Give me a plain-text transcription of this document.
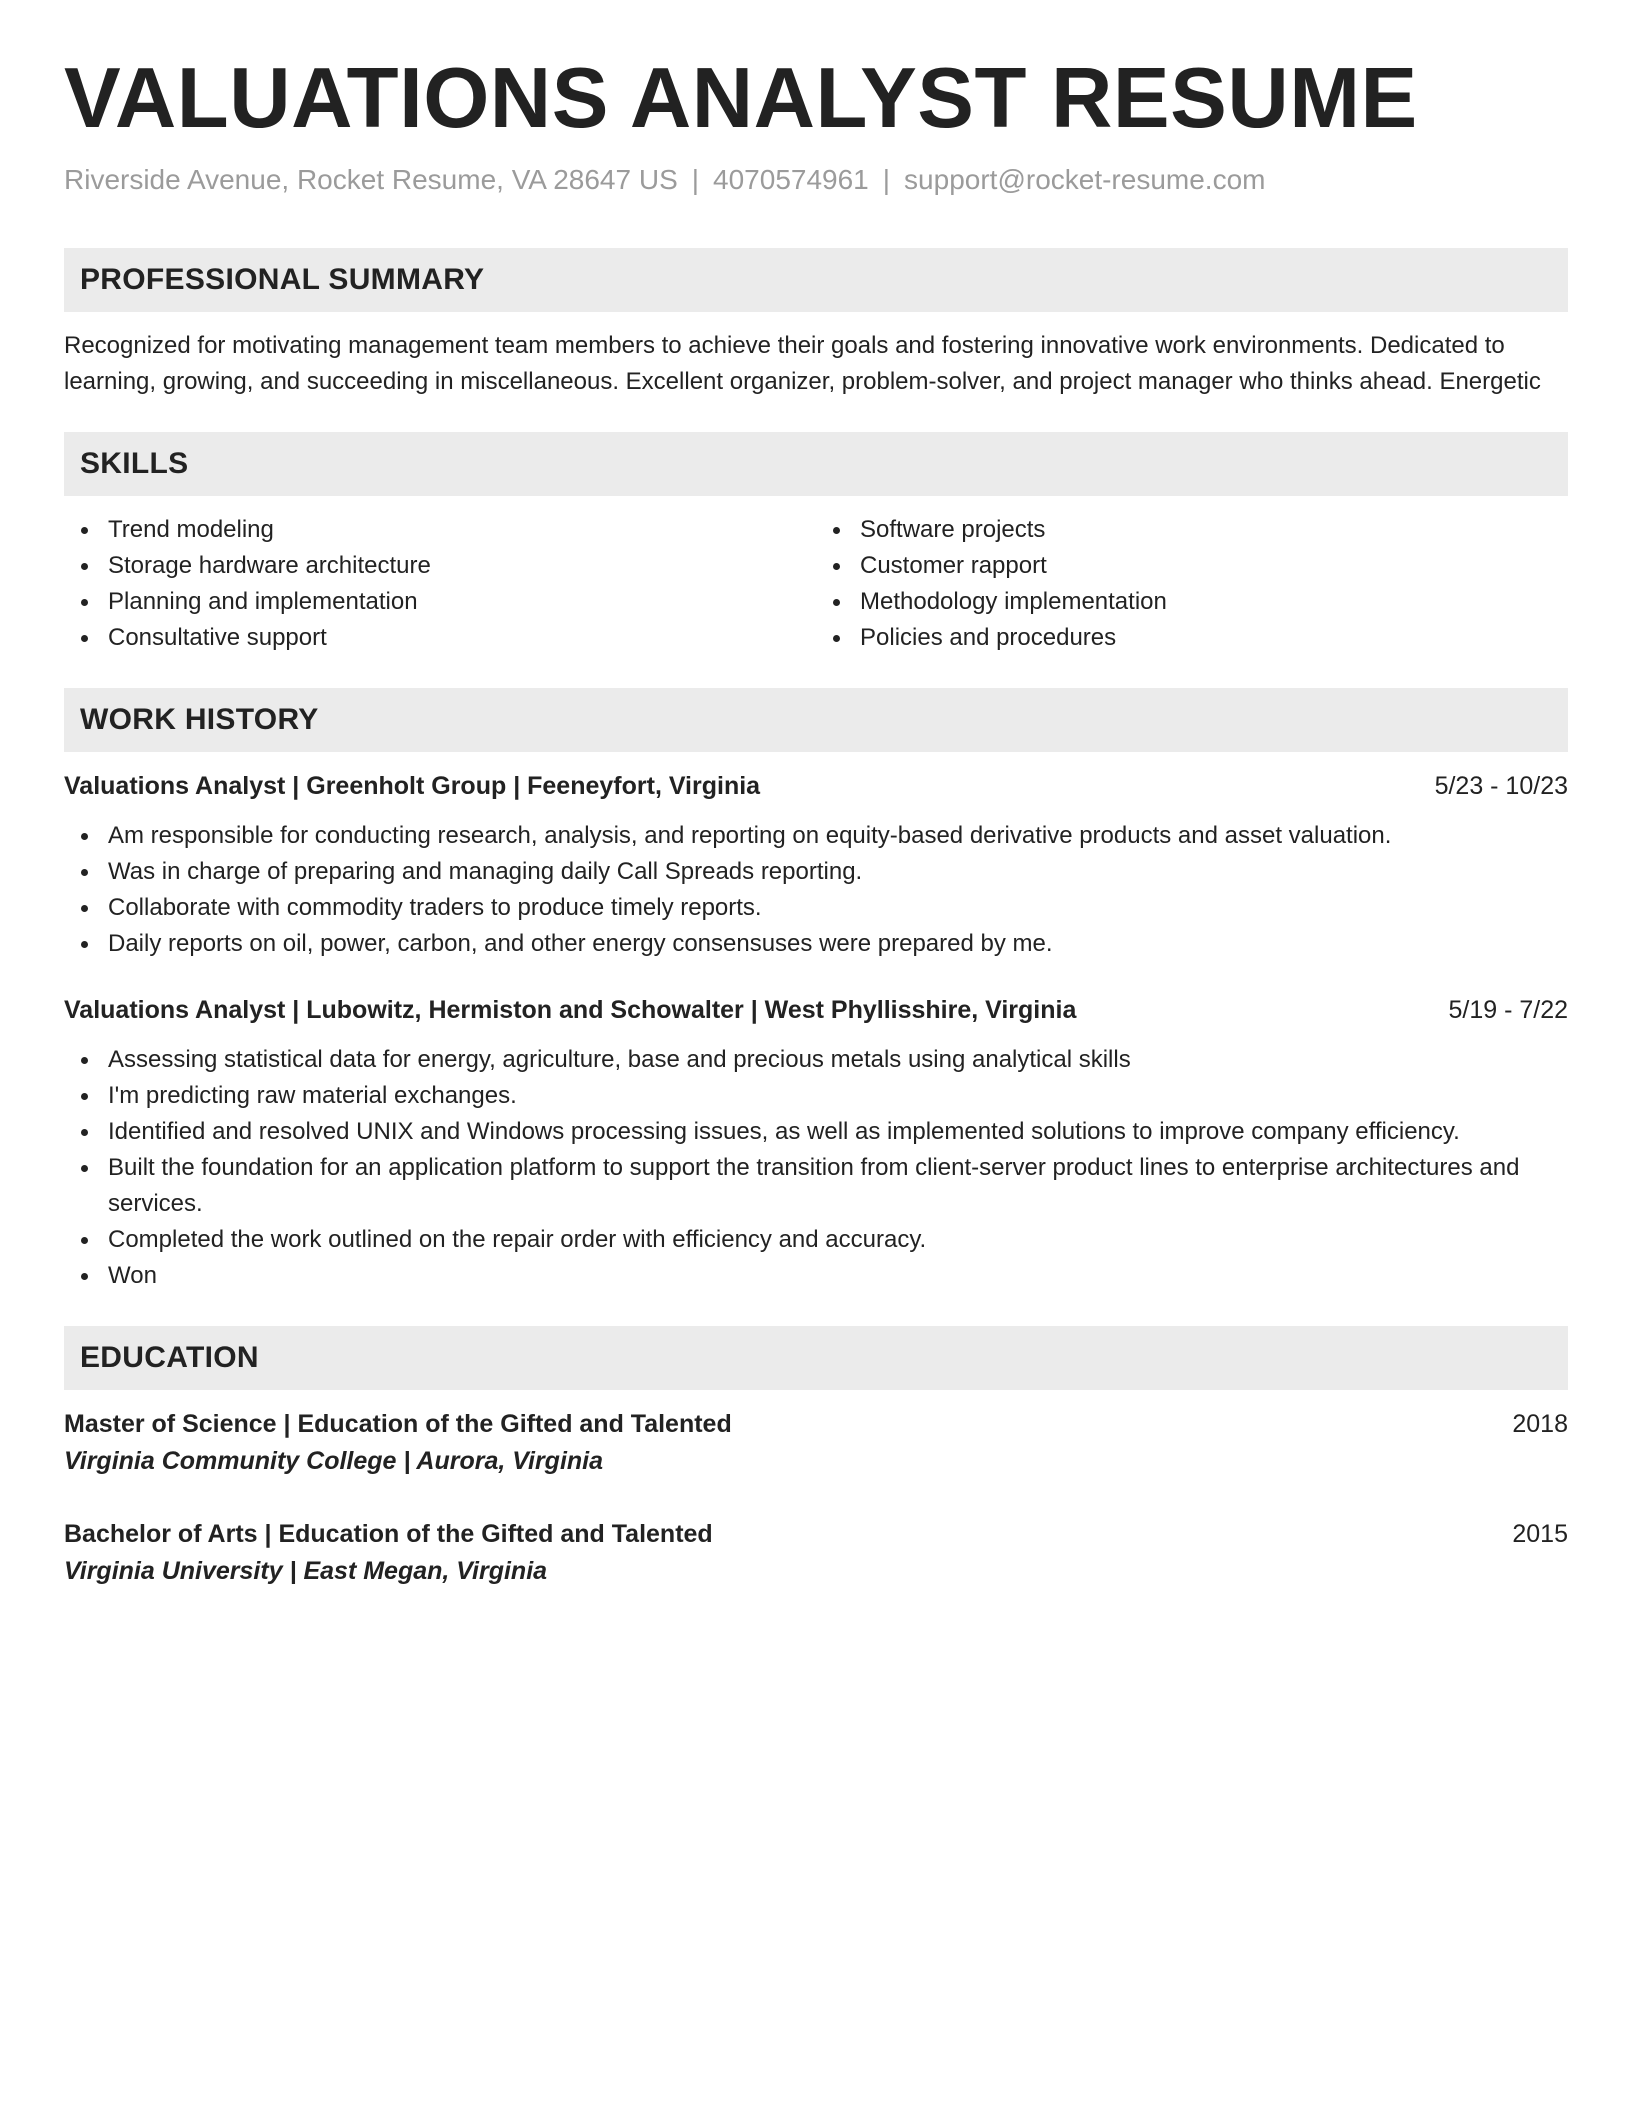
VALUATIONS ANALYST RESUME
Riverside Avenue, Rocket Resume, VA 28647 US | 4070574961 | support@rocket-resume.com
PROFESSIONAL SUMMARY
Recognized for motivating management team members to achieve their goals and fostering innovative work environments. Dedicated to learning, growing, and succeeding in miscellaneous. Excellent organizer, problem-solver, and project manager who thinks ahead. Energetic
SKILLS
Trend modeling
Storage hardware architecture
Planning and implementation
Consultative support
Software projects
Customer rapport
Methodology implementation
Policies and procedures
WORK HISTORY
Valuations Analyst | Greenholt Group | Feeneyfort, Virginia	5/23 - 10/23
Am responsible for conducting research, analysis, and reporting on equity-based derivative products and asset valuation.
Was in charge of preparing and managing daily Call Spreads reporting.
Collaborate with commodity traders to produce timely reports.
Daily reports on oil, power, carbon, and other energy consensuses were prepared by me.
Valuations Analyst | Lubowitz, Hermiston and Schowalter | West Phyllisshire, Virginia	5/19 - 7/22
Assessing statistical data for energy, agriculture, base and precious metals using analytical skills
I'm predicting raw material exchanges.
Identified and resolved UNIX and Windows processing issues, as well as implemented solutions to improve company efficiency.
Built the foundation for an application platform to support the transition from client-server product lines to enterprise architectures and services.
Completed the work outlined on the repair order with efficiency and accuracy.
Won
EDUCATION
Master of Science | Education of the Gifted and Talented	2018
Virginia Community College | Aurora, Virginia
Bachelor of Arts | Education of the Gifted and Talented	2015
Virginia University | East Megan, Virginia
